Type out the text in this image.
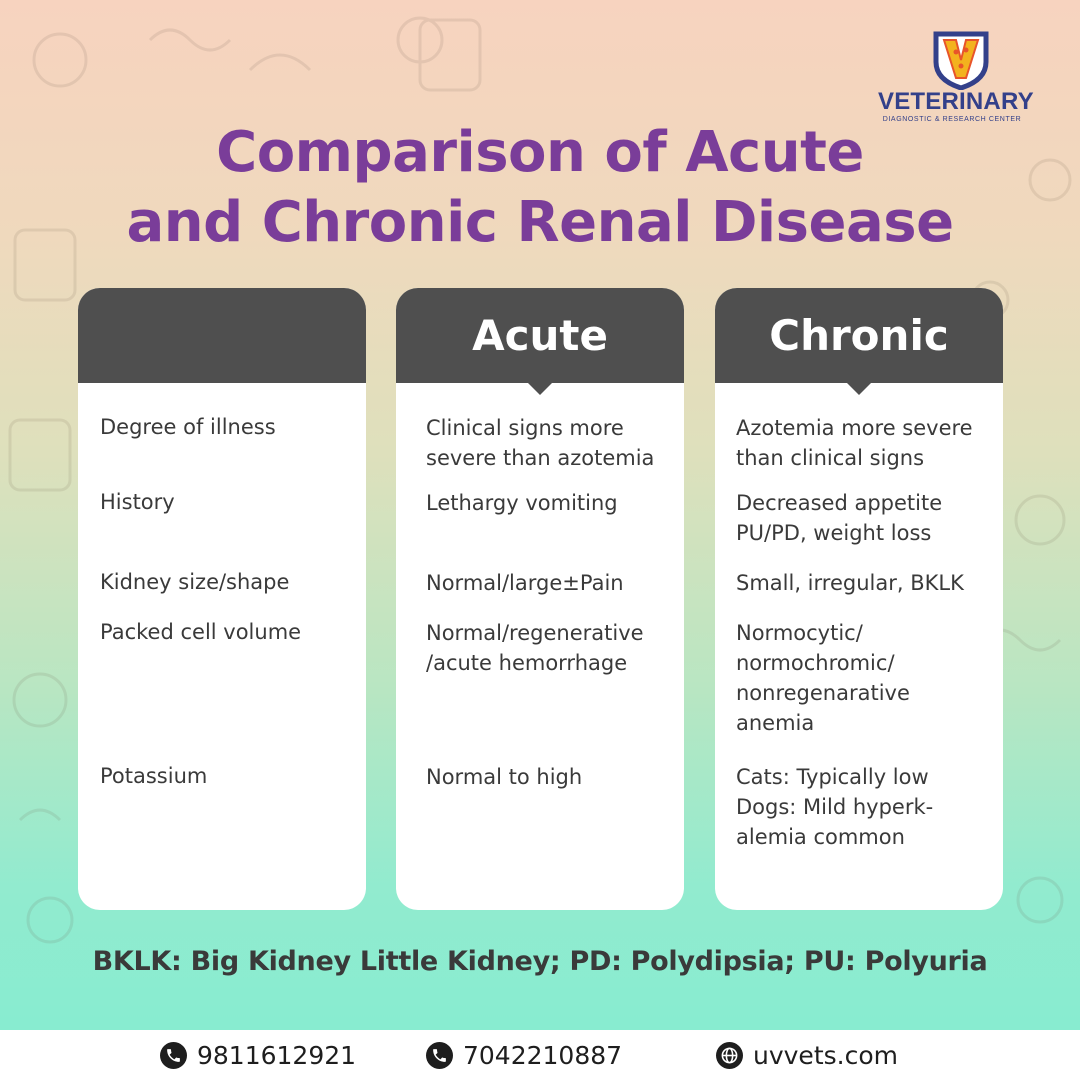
VETERINARY
DIAGNOSTIC & RESEARCH CENTER
Comparison of Acute
and Chronic Renal Disease
Degree of illness
History
Kidney size/shape
Packed cell volume
Potassium
Acute
Clinical signs more
severe than azotemia
Lethargy vomiting
Normal/large±Pain
Normal/regenerative
/acute hemorrhage
Normal to high
Chronic
Azotemia more severe
than clinical signs
Decreased appetite
PU/PD, weight loss
Small, irregular, BKLK
Normocytic/
normochromic/
nonregenarative
anemia
Cats: Typically low
Dogs: Mild hyperk-
alemia common
BKLK: Big Kidney Little Kidney; PD: Polydipsia; PU: Polyuria
9811612921	7042210887	uvvets.com
